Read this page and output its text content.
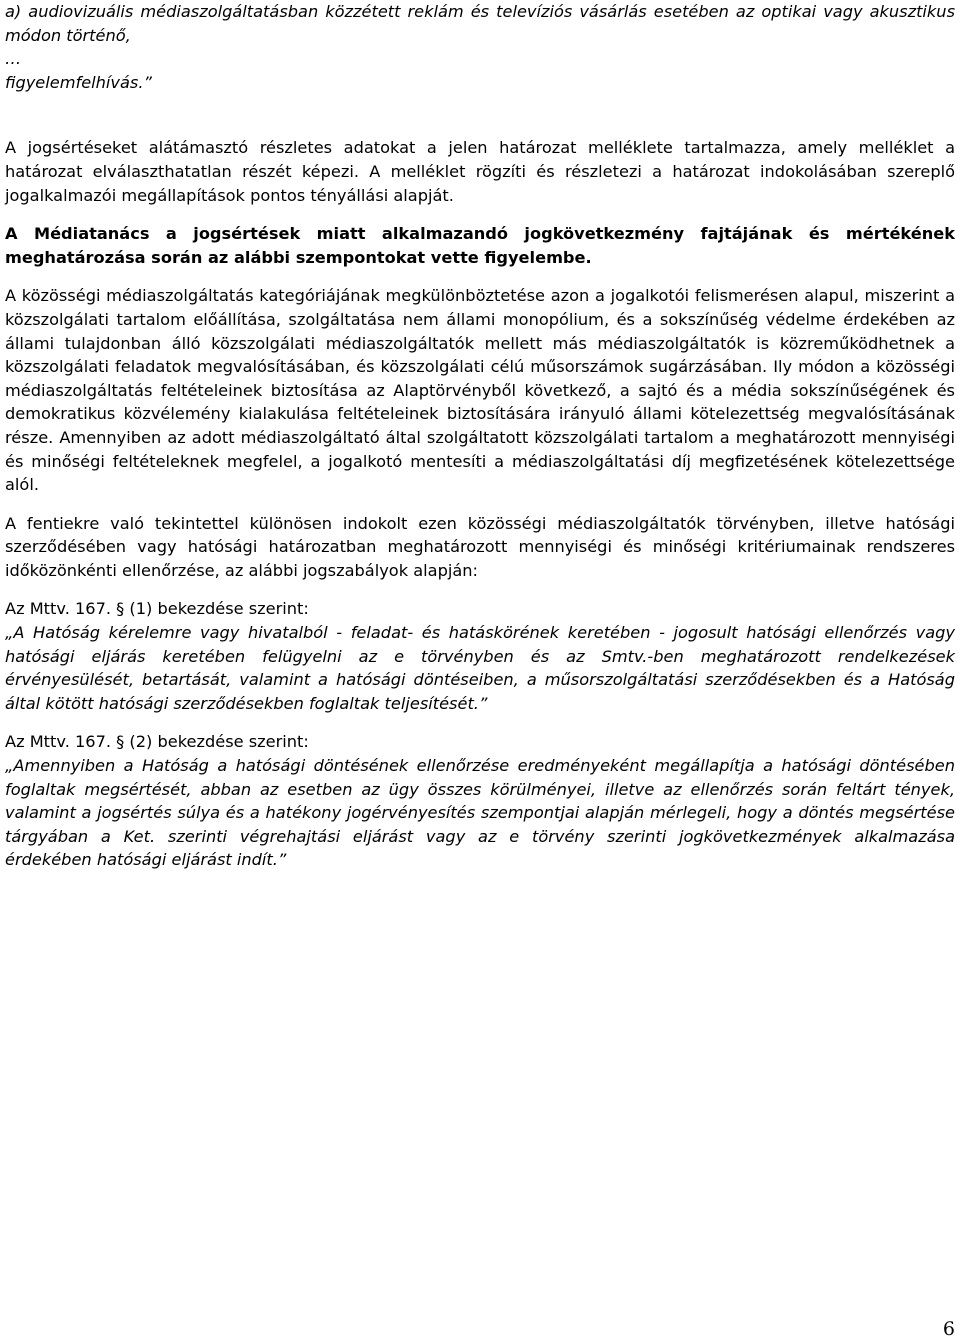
a) audiovizuális médiaszolgáltatásban közzétett reklám és televíziós vásárlás esetében az optikai vagy akusztikus módon történő,

…

figyelemfelhívás.”

A jogsértéseket alátámasztó részletes adatokat a jelen határozat melléklete tartalmazza, amely melléklet a határozat elválaszthatatlan részét képezi. A melléklet rögzíti és részletezi a határozat indokolásában szereplő jogalkalmazói megállapítások pontos tényállási alapját.

A Médiatanács a jogsértések miatt alkalmazandó jogkövetkezmény fajtájának és mértékének meghatározása során az alábbi szempontokat vette figyelembe.

A közösségi médiaszolgáltatás kategóriájának megkülönböztetése azon a jogalkotói felismerésen alapul, miszerint a közszolgálati tartalom előállítása, szolgáltatása nem állami monopólium, és a sokszínűség védelme érdekében az állami tulajdonban álló közszolgálati médiaszolgáltatók mellett más médiaszolgáltatók is közreműködhetnek a közszolgálati feladatok megvalósításában, és közszolgálati célú műsorszámok sugárzásában. Ily módon a közösségi médiaszolgáltatás feltételeinek biztosítása az Alaptörvényből következő, a sajtó és a média sokszínűségének és demokratikus közvélemény kialakulása feltételeinek biztosítására irányuló állami kötelezettség megvalósításának része. Amennyiben az adott médiaszolgáltató által szolgáltatott közszolgálati tartalom a meghatározott mennyiségi és minőségi feltételeknek megfelel, a jogalkotó mentesíti a médiaszolgáltatási díj megfizetésének kötelezettsége alól.

A fentiekre való tekintettel különösen indokolt ezen közösségi médiaszolgáltatók törvényben, illetve hatósági szerződésében vagy hatósági határozatban meghatározott mennyiségi és minőségi kritériumainak rendszeres időközönkénti ellenőrzése, az alábbi jogszabályok alapján:

Az Mttv. 167. § (1) bekezdése szerint:

„A Hatóság kérelemre vagy hivatalból - feladat- és hatáskörének keretében - jogosult hatósági ellenőrzés vagy hatósági eljárás keretében felügyelni az e törvényben és az Smtv.-ben meghatározott rendelkezések érvényesülését, betartását, valamint a hatósági döntéseiben, a műsorszolgáltatási szerződésekben és a Hatóság által kötött hatósági szerződésekben foglaltak teljesítését.”

Az Mttv. 167. § (2) bekezdése szerint:

„Amennyiben a Hatóság a hatósági döntésének ellenőrzése eredményeként megállapítja a hatósági döntésében foglaltak megsértését, abban az esetben az ügy összes körülményei, illetve az ellenőrzés során feltárt tények, valamint a jogsértés súlya és a hatékony jogérvényesítés szempontjai alapján mérlegeli, hogy a döntés megsértése tárgyában a Ket. szerinti végrehajtási eljárást vagy az e törvény szerinti jogkövetkezmények alkalmazása érdekében hatósági eljárást indít.”

6
